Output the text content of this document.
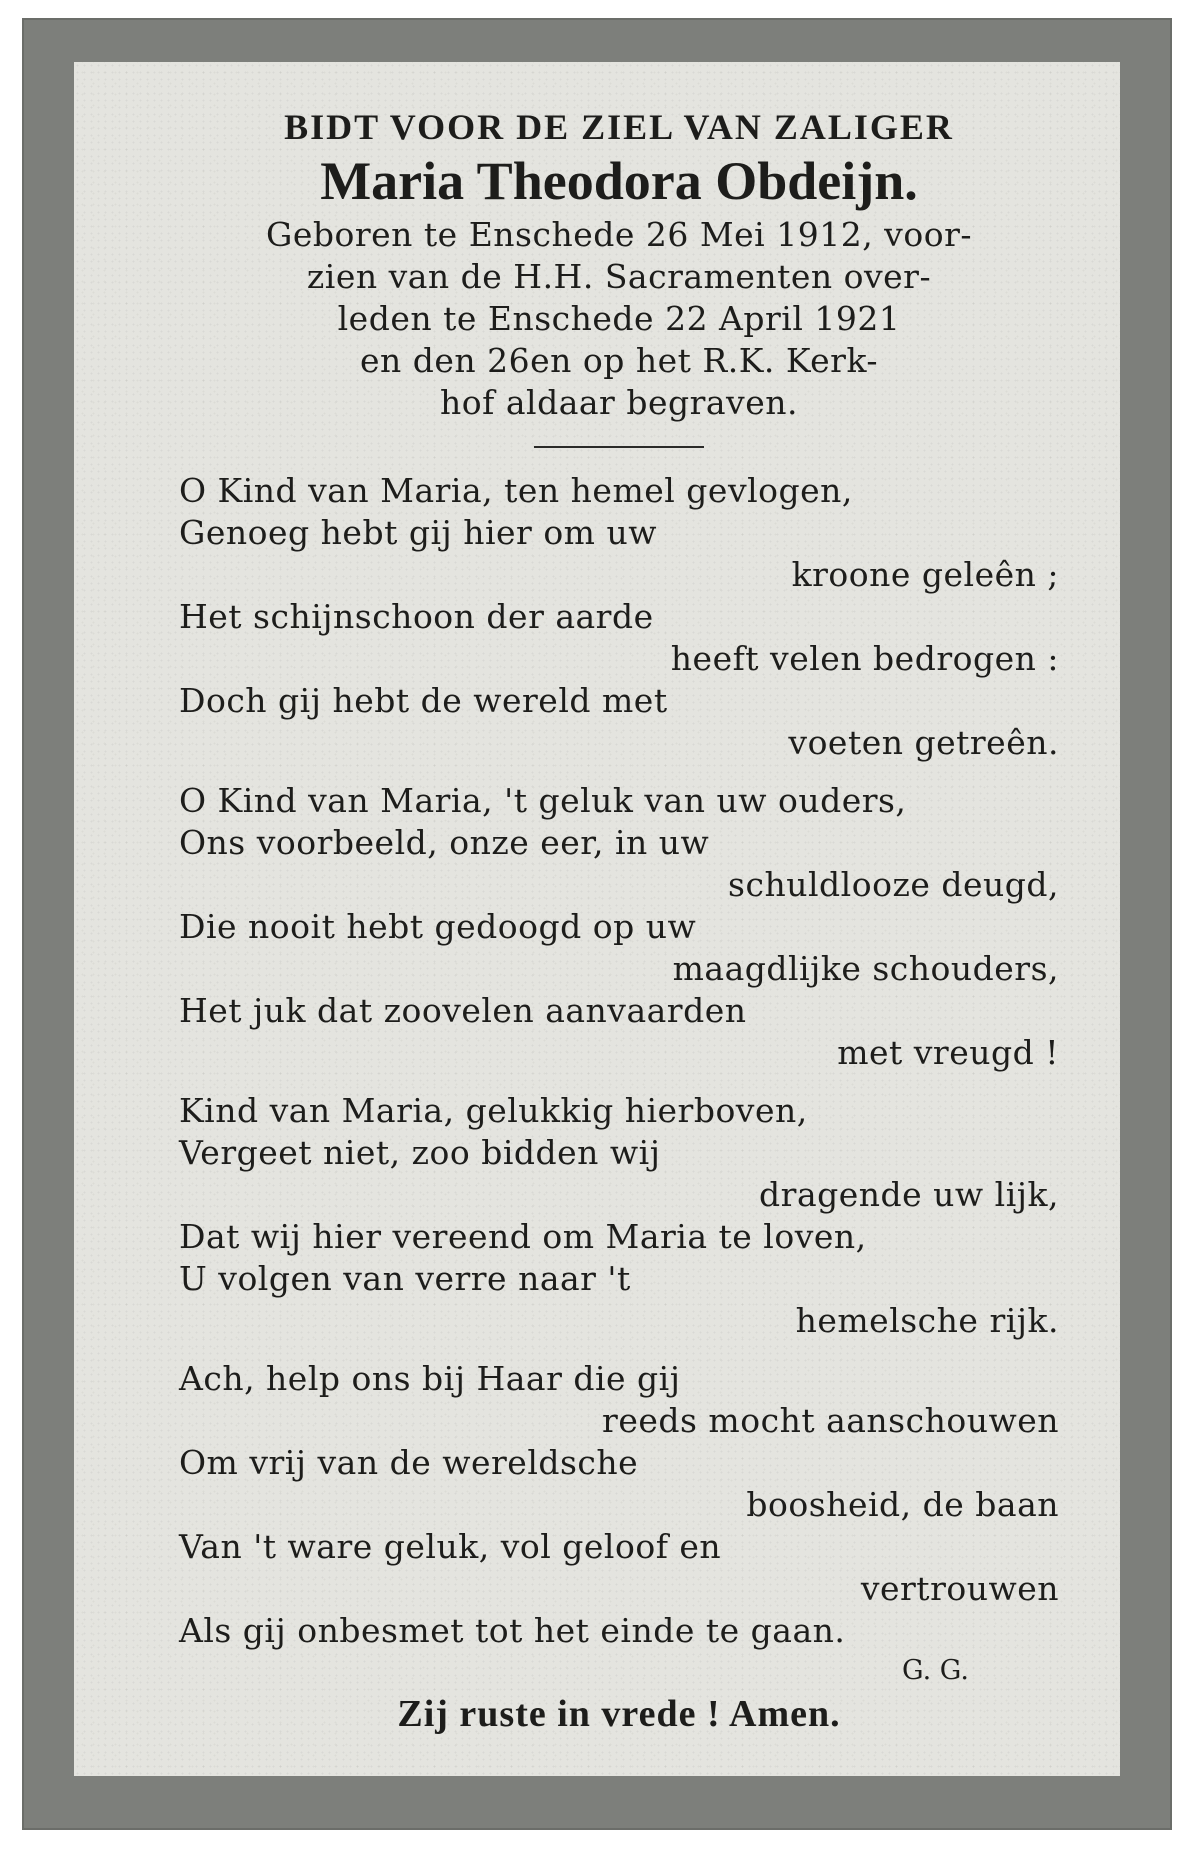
BIDT VOOR DE ZIEL VAN ZALIGER

Maria Theodora Obdeijn.

Geboren te Enschede 26 Mei 1912, voor-

zien van de H.H. Sacramenten over-

leden te Enschede 22 April 1921

en den 26en op het R.K. Kerk-

hof aldaar begraven.

O Kind van Maria, ten hemel gevlogen,
Genoeg hebt gij hier om uw
kroone geleên ;
Het schijnschoon der aarde
heeft velen bedrogen :
Doch gij hebt de wereld met
voeten getreên.
O Kind van Maria, 't geluk van uw ouders,
Ons voorbeeld, onze eer, in uw
schuldlooze deugd,
Die nooit hebt gedoogd op uw
maagdlijke schouders,
Het juk dat zoovelen aanvaarden
met vreugd !
Kind van Maria, gelukkig hierboven,
Vergeet niet, zoo bidden wij
dragende uw lijk,
Dat wij hier vereend om Maria te loven,
U volgen van verre naar 't
hemelsche rijk.
Ach, help ons bij Haar die gij
reeds mocht aanschouwen
Om vrij van de wereldsche
boosheid, de baan
Van 't ware geluk, vol geloof en
vertrouwen
Als gij onbesmet tot het einde te gaan.
G. G.
Zij ruste in vrede ! Amen.
